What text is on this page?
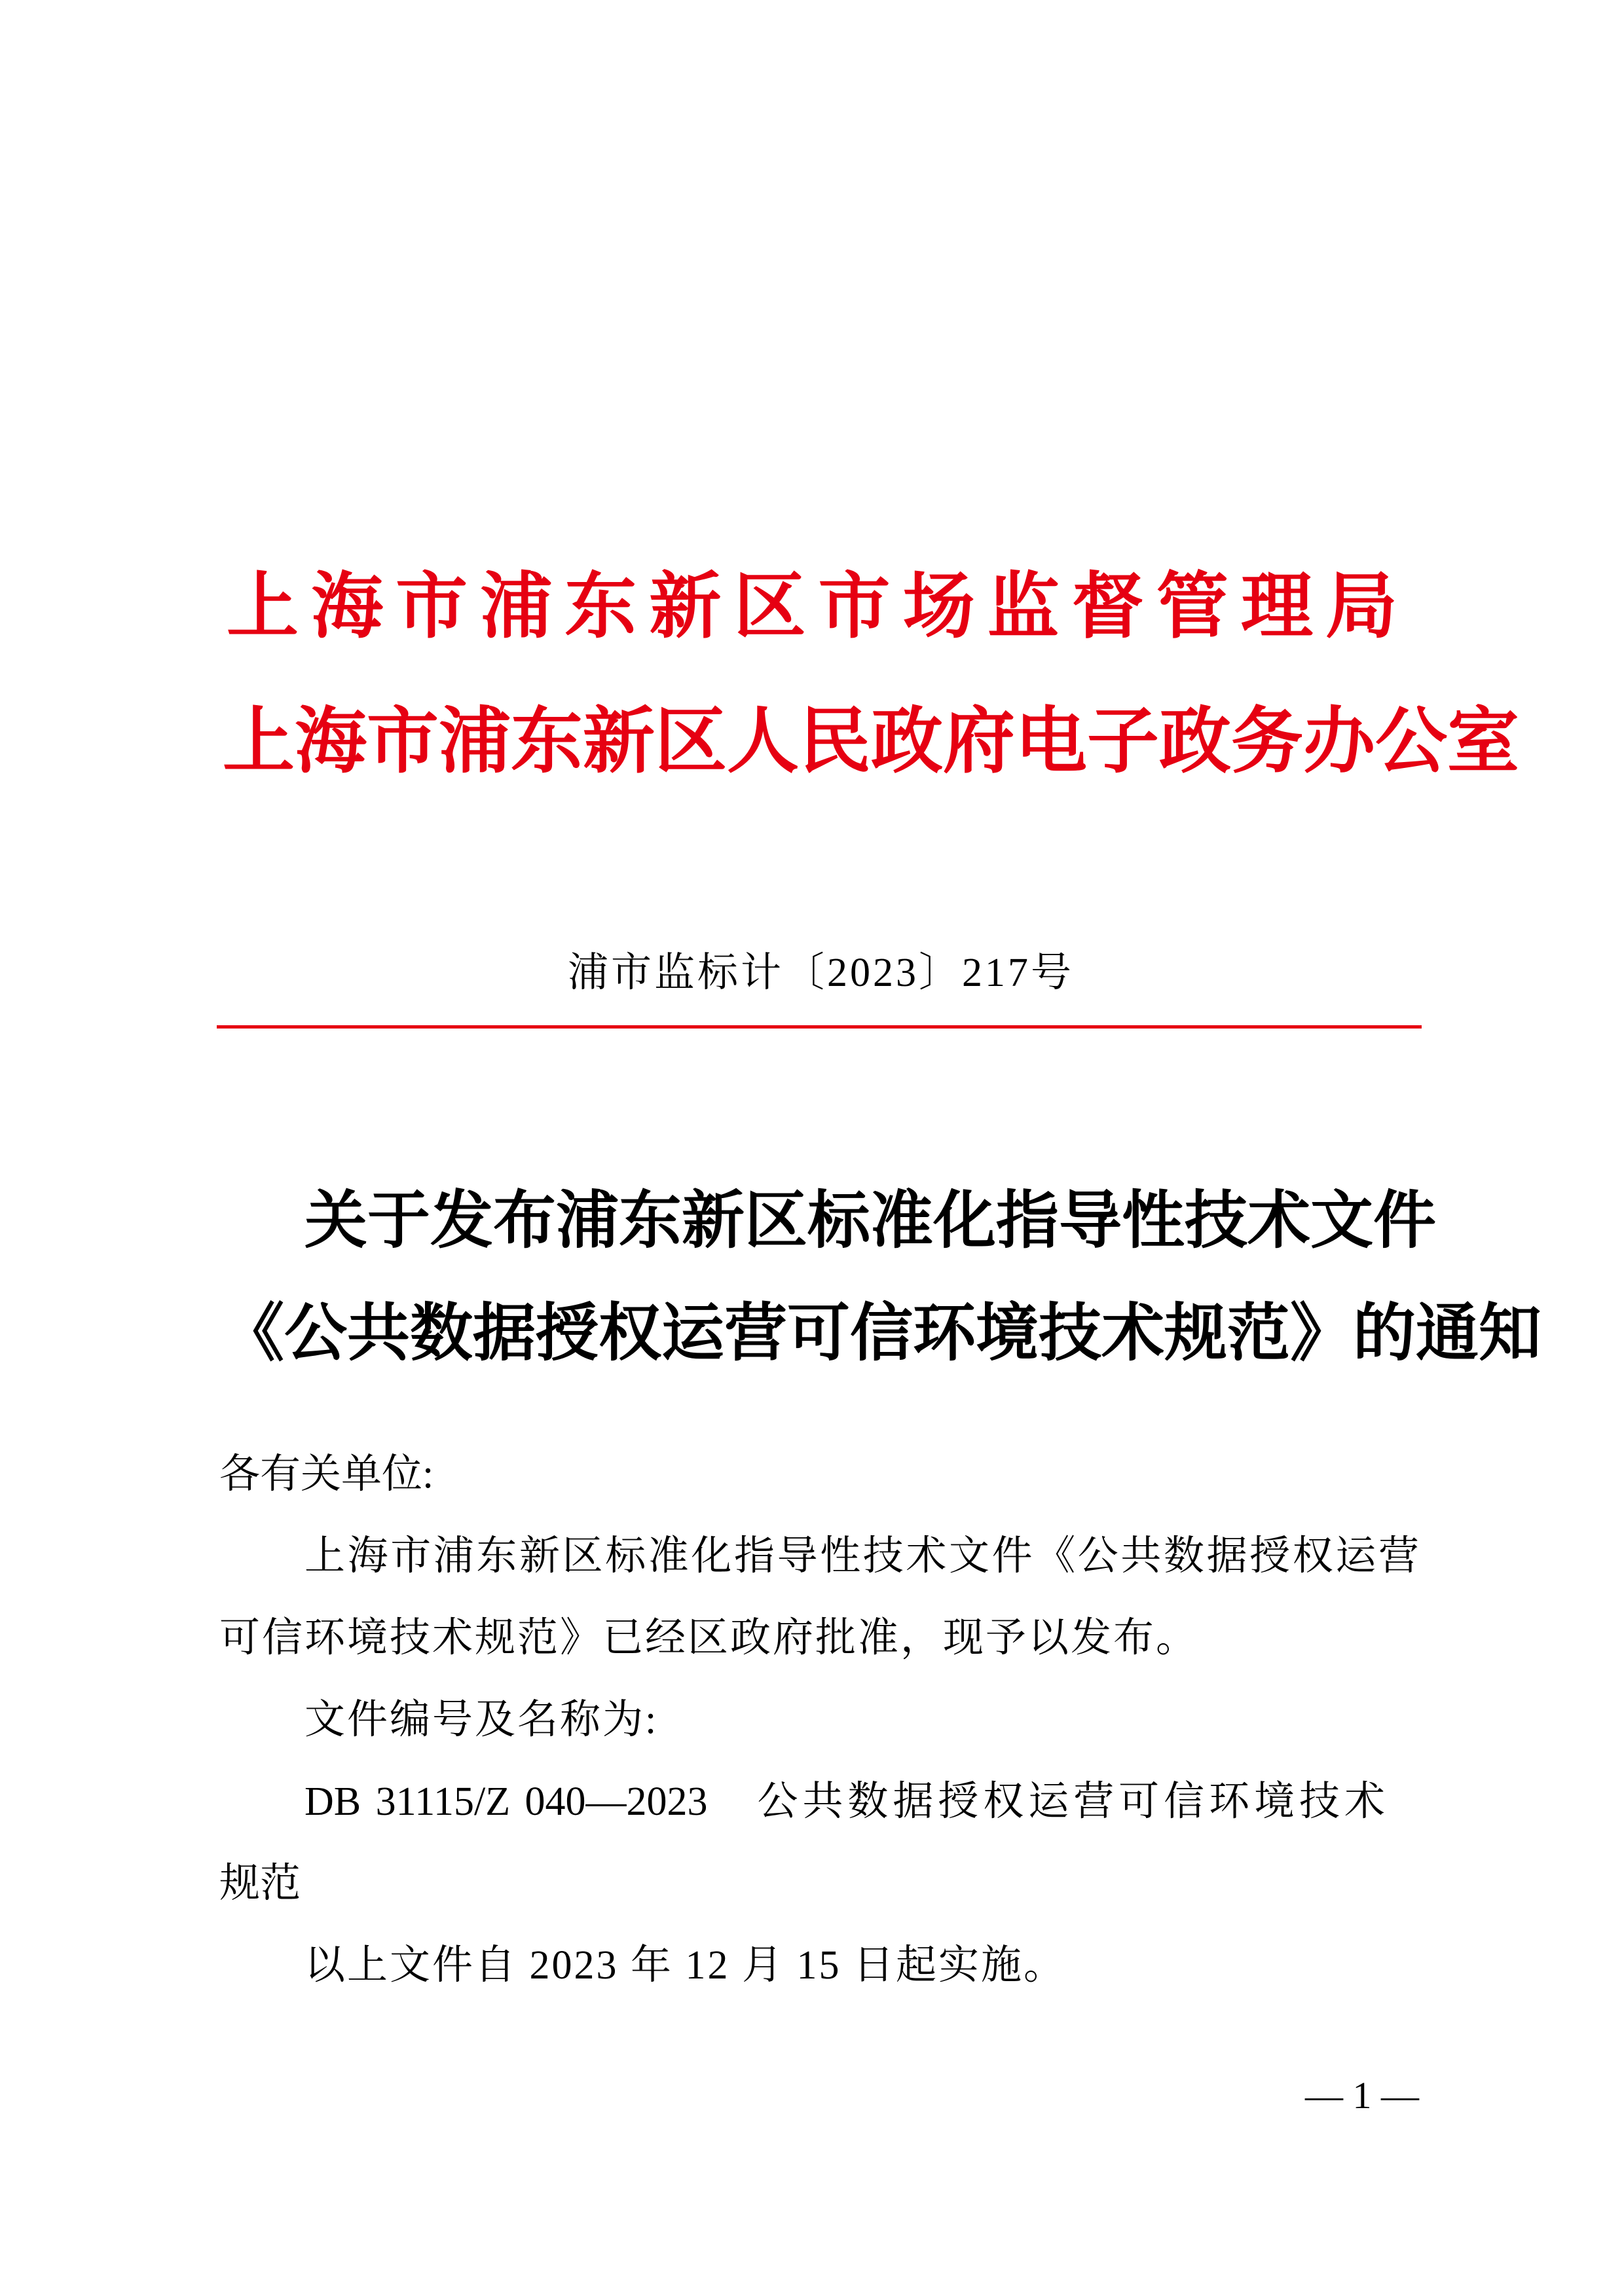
上海市浦东新区市场监督管理局
上海市浦东新区人民政府电子政务办公室
浦市监标计〔2023〕217号
关于发布浦东新区标准化指导性技术文件
《公共数据授权运营可信环境技术规范》的通知
各有关单位:
上海市浦东新区标准化指导性技术文件《公共数据授权运营
可信环境技术规范》已经区政府批准，现予以发布。
文件编号及名称为:
DB 31115/Z 040—2023　公共数据授权运营可信环境技术
规范
以上文件自 2023 年 12 月 15 日起实施。
— 1 —
